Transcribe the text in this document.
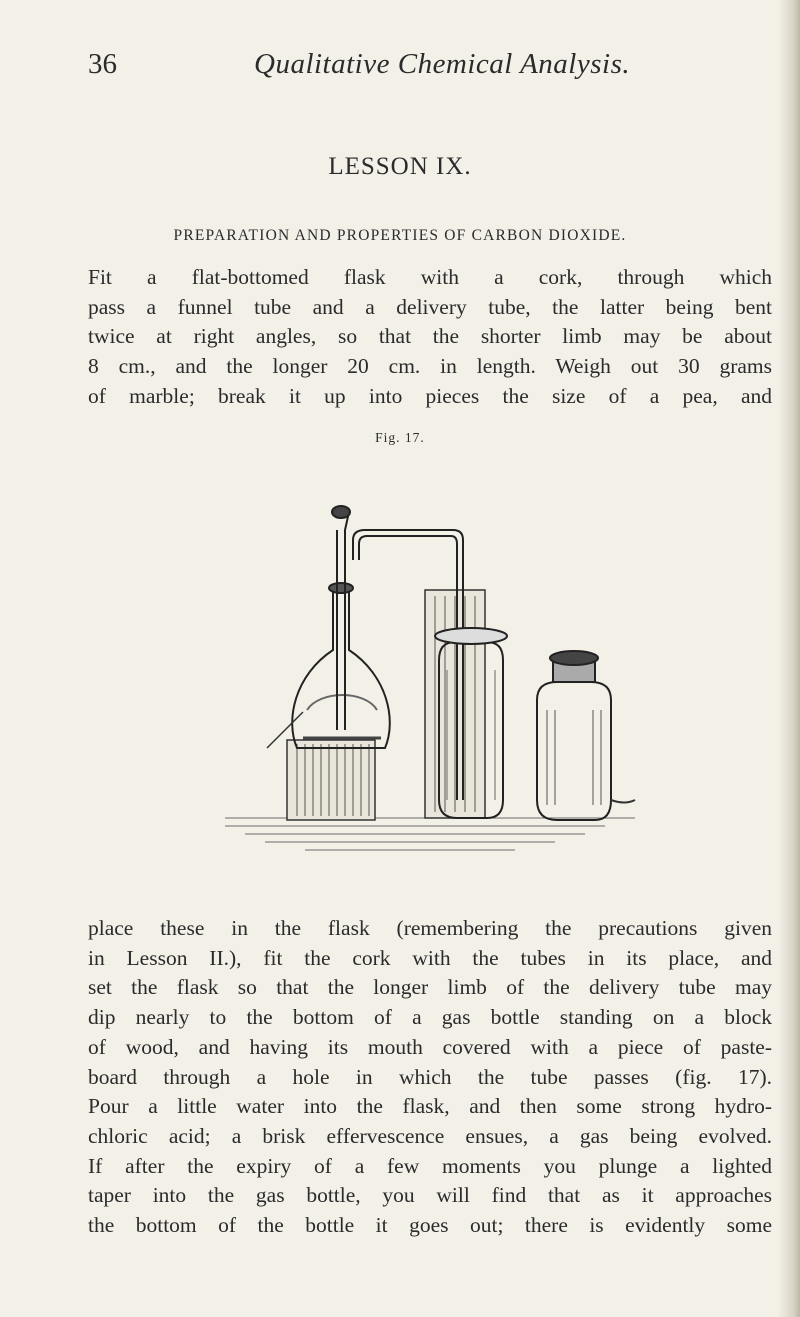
36	Qualitative Chemical Analysis.
LESSON IX.
PREPARATION AND PROPERTIES OF CARBON DIOXIDE.

Fit a flat-bottomed flask with a cork, through which
pass a funnel tube and a delivery tube, the latter being bent
twice at right angles, so that the shorter limb may be about
8 cm., and the longer 20 cm. in length. Weigh out 30 grams
of marble; break it up into pieces the size of a pea, and

Fig. 17.

place these in the flask (remembering the precautions given
in Lesson II.), fit the cork with the tubes in its place, and
set the flask so that the longer limb of the delivery tube may
dip nearly to the bottom of a gas bottle standing on a block
of wood, and having its mouth covered with a piece of paste-
board through a hole in which the tube passes (fig. 17).
Pour a little water into the flask, and then some strong hydro-
chloric acid; a brisk effervescence ensues, a gas being evolved.
If after the expiry of a few moments you plunge a lighted
taper into the gas bottle, you will find that as it approaches
the bottom of the bottle it goes out; there is evidently some
